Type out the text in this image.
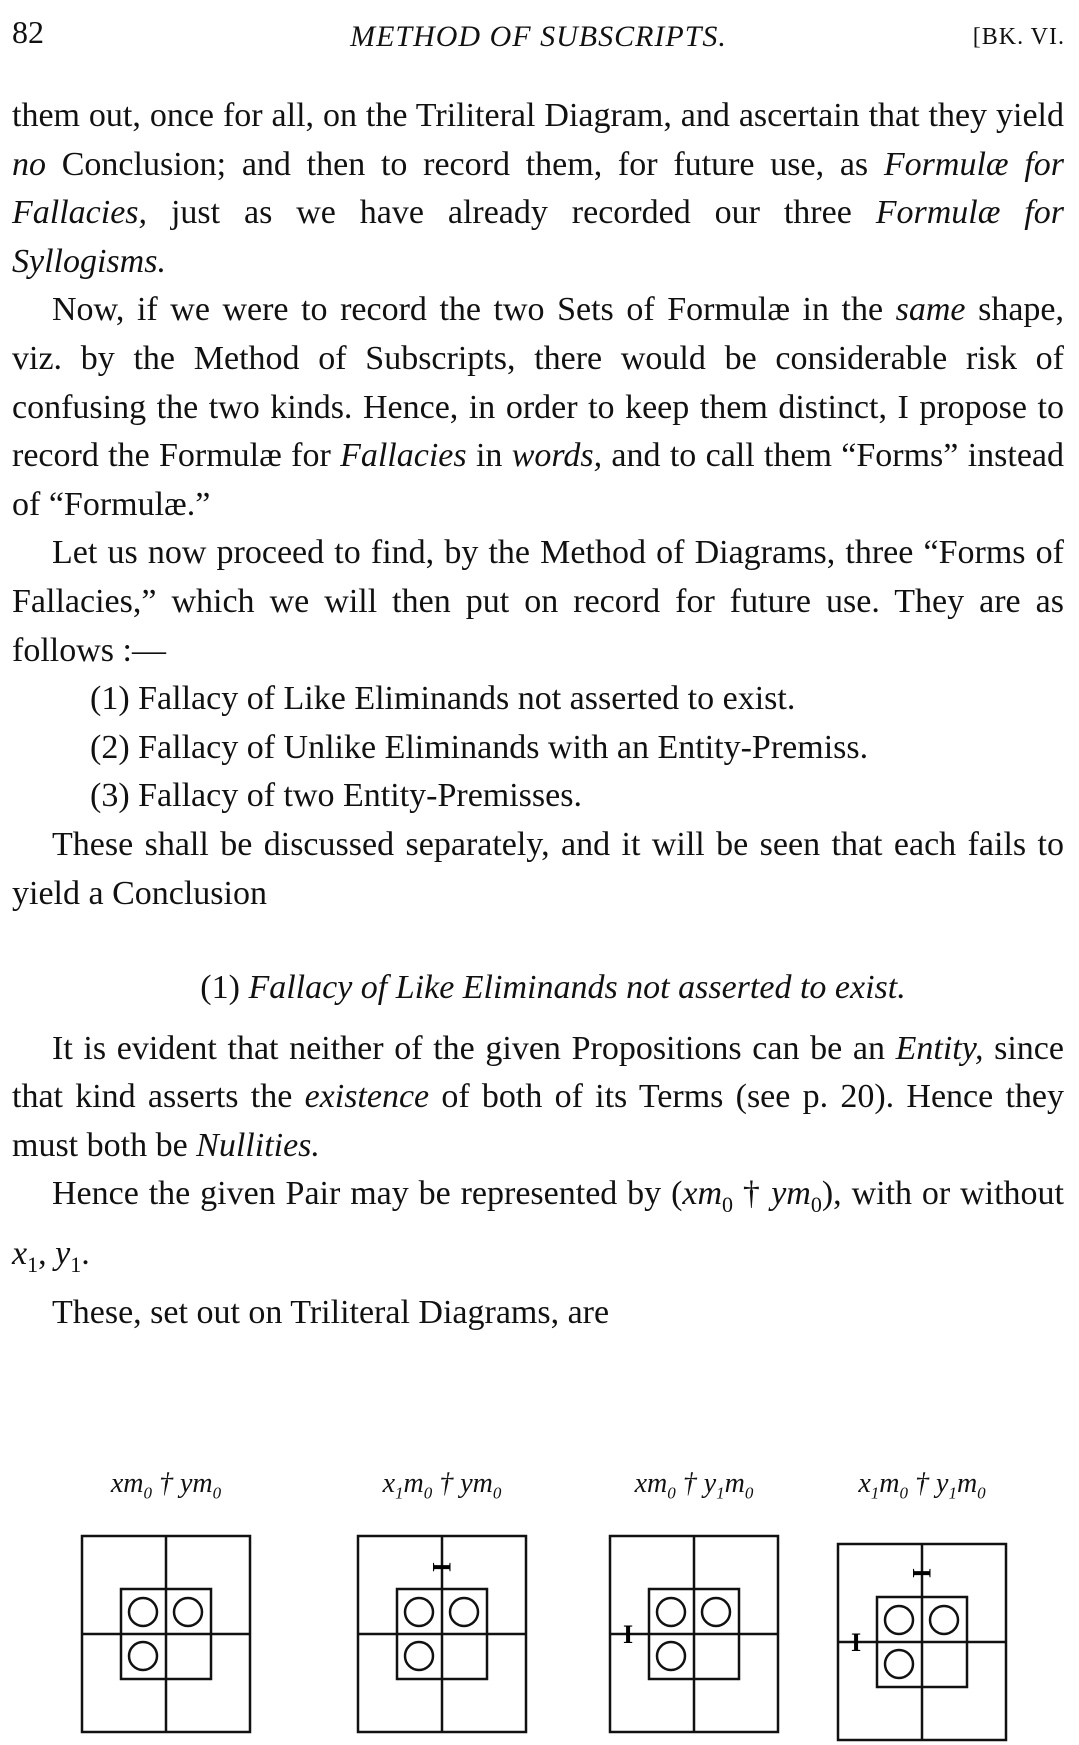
82	METHOD OF SUBSCRIPTS.	[BK. VI.

them out, once for all, on the Triliteral Diagram, and ascertain that they yield no Conclusion; and then to record them, for future use, as Formulæ for Fallacies, just as we have already recorded our three Formulæ for Syllogisms.

Now, if we were to record the two Sets of Formulæ in the same shape, viz. by the Method of Subscripts, there would be considerable risk of confusing the two kinds. Hence, in order to keep them distinct, I propose to record the Formulæ for Fallacies in words, and to call them “Forms” instead of “Formulæ.”

Let us now proceed to find, by the Method of Diagrams, three “Forms of Fallacies,” which we will then put on record for future use. They are as follows :—

(1) Fallacy of Like Eliminands not asserted to exist.

(2) Fallacy of Unlike Eliminands with an Entity-Premiss.

(3) Fallacy of two Entity-Premisses.

These shall be discussed separately, and it will be seen that each fails to yield a Conclusion

(1) Fallacy of Like Eliminands not asserted to exist.

It is evident that neither of the given Propositions can be an Entity, since that kind asserts the existence of both of its Terms (see p. 20). Hence they must both be Nullities.

Hence the given Pair may be represented by ($xm_0$ † $ym_0$), with or without $x_1$, $y_1$.

These, set out on Triliteral Diagrams, are

$xm_0$ † $ym_0$	$x_1m_0$ † $ym_0$
I
$xm_0$ † $y_1m_0$
I
$x_1m_0$ † $y_1m_0$
I
I
